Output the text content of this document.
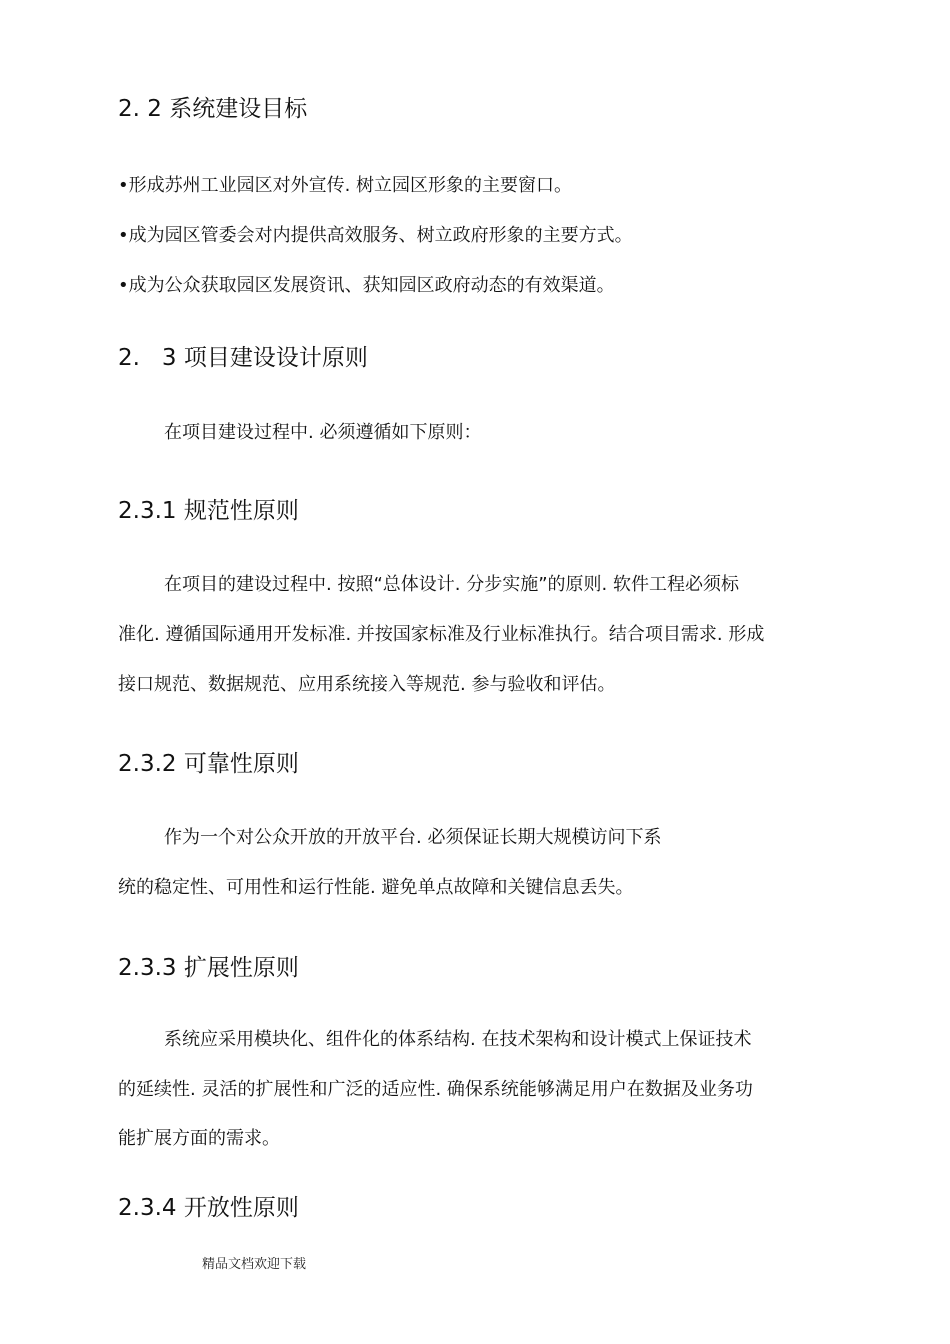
2. 2 系统建设目标
•形成苏州工业园区对外宣传. 树立园区形象的主要窗口。
•成为园区管委会对内提供高效服务、树立政府形象的主要方式。
•成为公众获取园区发展资讯、获知园区政府动态的有效渠道。
2.   3 项目建设设计原则
在项目建设过程中. 必须遵循如下原则：
2.3.1 规范性原则
在项目的建设过程中. 按照“总体设计. 分步实施”的原则. 软件工程必须标
准化. 遵循国际通用开发标准. 并按国家标准及行业标准执行。结合项目需求. 形成
接口规范、数据规范、应用系统接入等规范. 参与验收和评估。
2.3.2 可靠性原则
作为一个对公众开放的开放平台. 必须保证长期大规模访问下系
统的稳定性、可用性和运行性能. 避免单点故障和关键信息丢失。
2.3.3 扩展性原则
系统应采用模块化、组件化的体系结构. 在技术架构和设计模式上保证技术
的延续性. 灵活的扩展性和广泛的适应性. 确保系统能够满足用户在数据及业务功
能扩展方面的需求。
2.3.4 开放性原则
精品文档欢迎下载
